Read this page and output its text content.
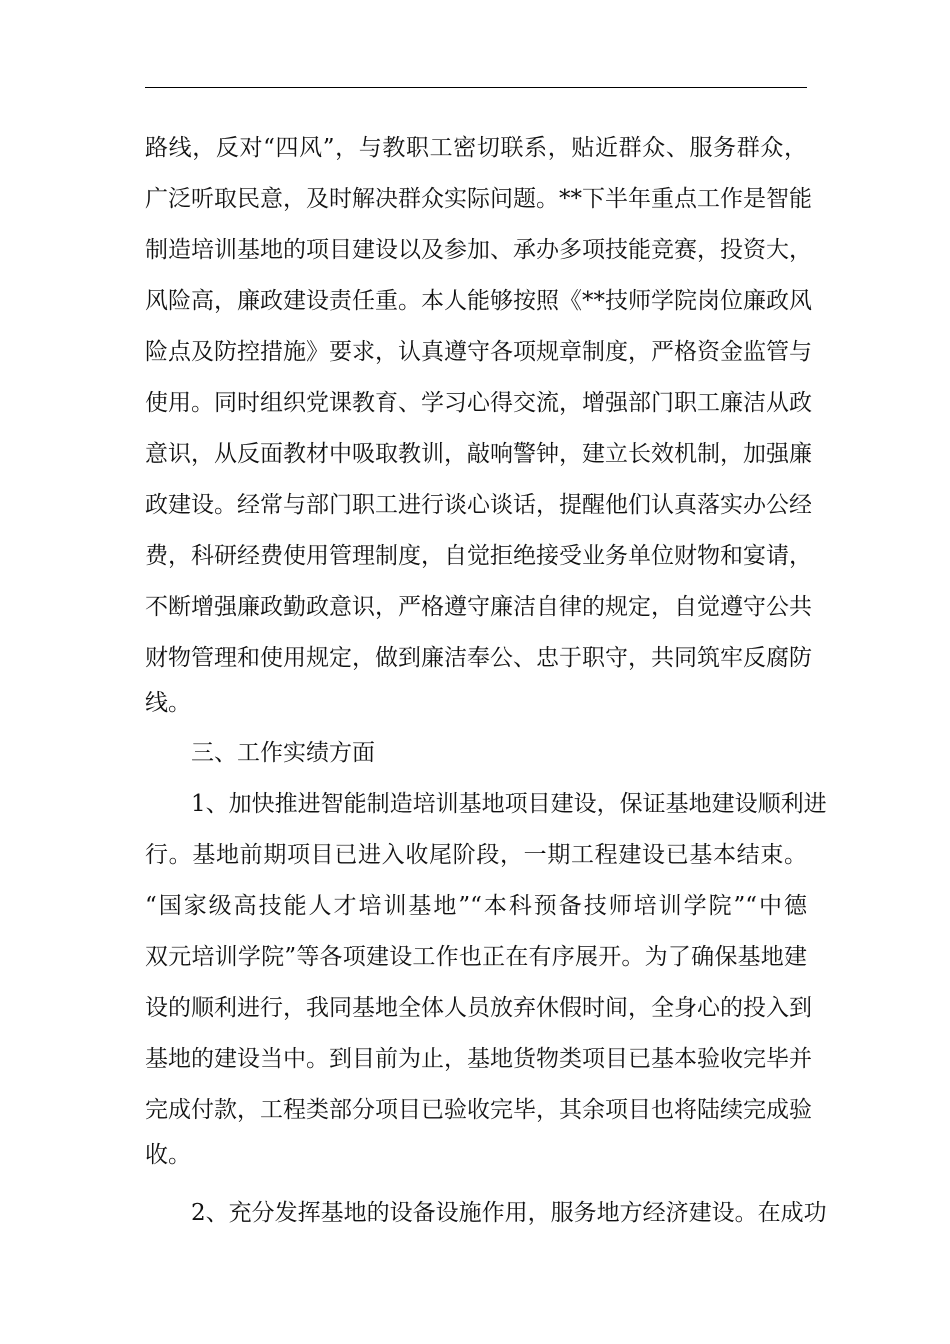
路线，反对“四风”，与教职工密切联系，贴近群众、服务群众，
广泛听取民意，及时解决群众实际问题。**下半年重点工作是智能
制造培训基地的项目建设以及参加、承办多项技能竞赛，投资大，
风险高，廉政建设责任重。本人能够按照《**技师学院岗位廉政风
险点及防控措施》要求，认真遵守各项规章制度，严格资金监管与
使用。同时组织党课教育、学习心得交流，增强部门职工廉洁从政
意识，从反面教材中吸取教训，敲响警钟，建立长效机制，加强廉
政建设。经常与部门职工进行谈心谈话，提醒他们认真落实办公经
费，科研经费使用管理制度，自觉拒绝接受业务单位财物和宴请，
不断增强廉政勤政意识，严格遵守廉洁自律的规定，自觉遵守公共
财物管理和使用规定，做到廉洁奉公、忠于职守，共同筑牢反腐防
线。
三、工作实绩方面
1、加快推进智能制造培训基地项目建设，保证基地建设顺利进
行。基地前期项目已进入收尾阶段，一期工程建设已基本结束。
“国家级高技能人才培训基地”“本科预备技师培训学院”“中德
双元培训学院”等各项建设工作也正在有序展开。为了确保基地建
设的顺利进行，我同基地全体人员放弃休假时间，全身心的投入到
基地的建设当中。到目前为止，基地货物类项目已基本验收完毕并
完成付款，工程类部分项目已验收完毕，其余项目也将陆续完成验
收。
2、充分发挥基地的设备设施作用，服务地方经济建设。在成功
